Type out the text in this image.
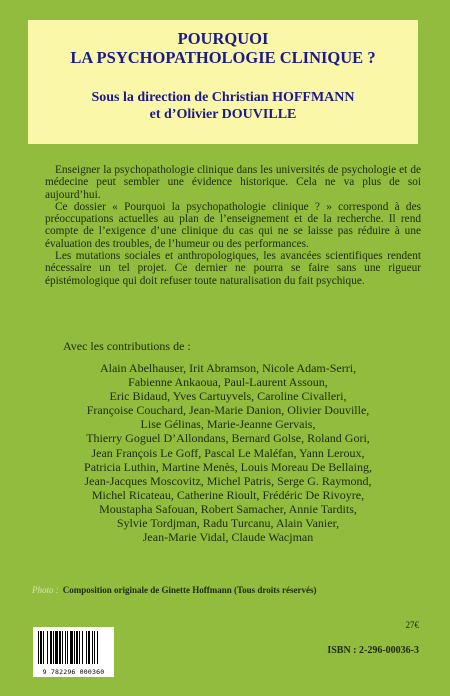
POURQUOI
LA PSYCHOPATHOLOGIE CLINIQUE ?
Sous la direction de Christian HOFFMANN
et d’Olivier DOUVILLE

Enseigner la psychopathologie clinique dans les universités de psychologie et de médecine peut sembler une évidence historique. Cela ne va plus de soi aujourd’hui.

Ce dossier « Pourquoi la psychopathologie clinique ? » correspond à des préoccupations actuelles au plan de l’enseignement et de la recherche. Il rend compte de l’exigence d’une clinique du cas qui ne se laisse pas réduire à une évaluation des troubles, de l’humeur ou des performances.

Les mutations sociales et anthropologiques, les avancées scientifiques rendent nécessaire un tel projet. Ce dernier ne pourra se faire sans une rigueur épistémologique qui doit refuser toute naturalisation du fait psychique.

Avec les contributions de :
Alain Abelhauser, Irit Abramson, Nicole Adam-Serri,
Fabienne Ankaoua, Paul-Laurent Assoun,
Eric Bidaud, Yves Cartuyvels, Caroline Civalleri,
Françoise Couchard, Jean-Marie Danion, Olivier Douville,
Lise Gélinas, Marie-Jeanne Gervais,
Thierry Goguel D’Allondans, Bernard Golse, Roland Gori,
Jean François Le Goff, Pascal Le Maléfan, Yann Leroux,
Patricia Luthin, Martine Menès, Louis Moreau De Bellaing,
Jean-Jacques Moscovitz, Michel Patris, Serge G. Raymond,
Michel Ricateau, Catherine Rioult, Frédéric De Rivoyre,
Moustapha Safouan, Robert Samacher, Annie Tardits,
Sylvie Tordjman, Radu Turcanu, Alain Vanier,
Jean-Marie Vidal, Claude Wacjman
Photo : Composition originale de Ginette Hoffmann (Tous droits réservés)
27€
ISBN : 2-296-00036-3
9 782296 000360
